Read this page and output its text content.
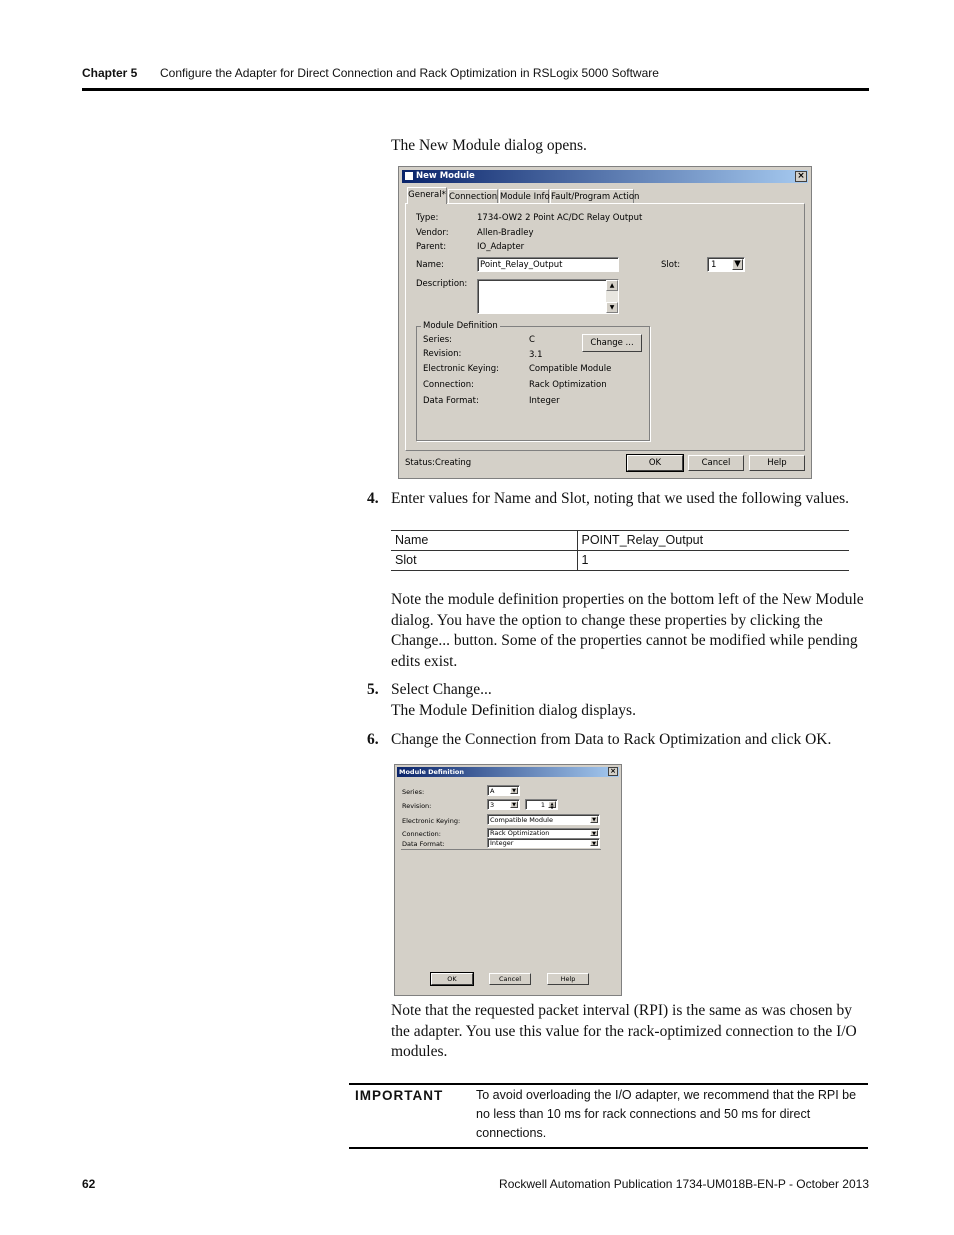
Chapter 5 Configure the Adapter for Direct Connection and Rack Optimization in RSLogix 5000 Software
The New Module dialog opens.
New Module	×
General* Connection Module Info Fault/Program Action
Type:	1734-OW2 2 Point AC/DC Relay Output
Vendor:	Allen-Bradley
Parent:	IO_Adapter
Name:	Point_Relay_Output	Slot:	1 ▼
Description:	▲
▼
Module Definition
Series:	C
Revision:	3.1
Electronic Keying:	Compatible Module
Connection:	Rack Optimization
Data Format:	Integer
Change ...
Status: Creating	OK	Cancel	Help
4. Enter values for Name and Slot, noting that we used the following values.
Name	POINT_Relay_Output
Slot	1
Note the module definition properties on the bottom left of the New Module dialog. You have the option to change these properties by clicking the Change... button. Some of the properties cannot be modified while pending edits exist.
5. Select Change...
The Module Definition dialog displays.
6. Change the Connection from Data to Rack Optimization and click OK.
Module Definition	×
Series:	A	▼
Revision:	3	▼	1	▲
▼
Electronic Keying:	Compatible Module	▼
Connection:	Rack Optimization	▼
Data Format:	Integer	▼
OK	Cancel	Help
Note that the requested packet interval (RPI) is the same as was chosen by the adapter. You use this value for the rack-optimized connection to the I/O modules.
IMPORTANT	To avoid overloading the I/O adapter, we recommend that the RPI be no less than 10 ms for rack connections and 50 ms for direct connections.
62	Rockwell Automation Publication 1734-UM018B-EN-P - October 2013
